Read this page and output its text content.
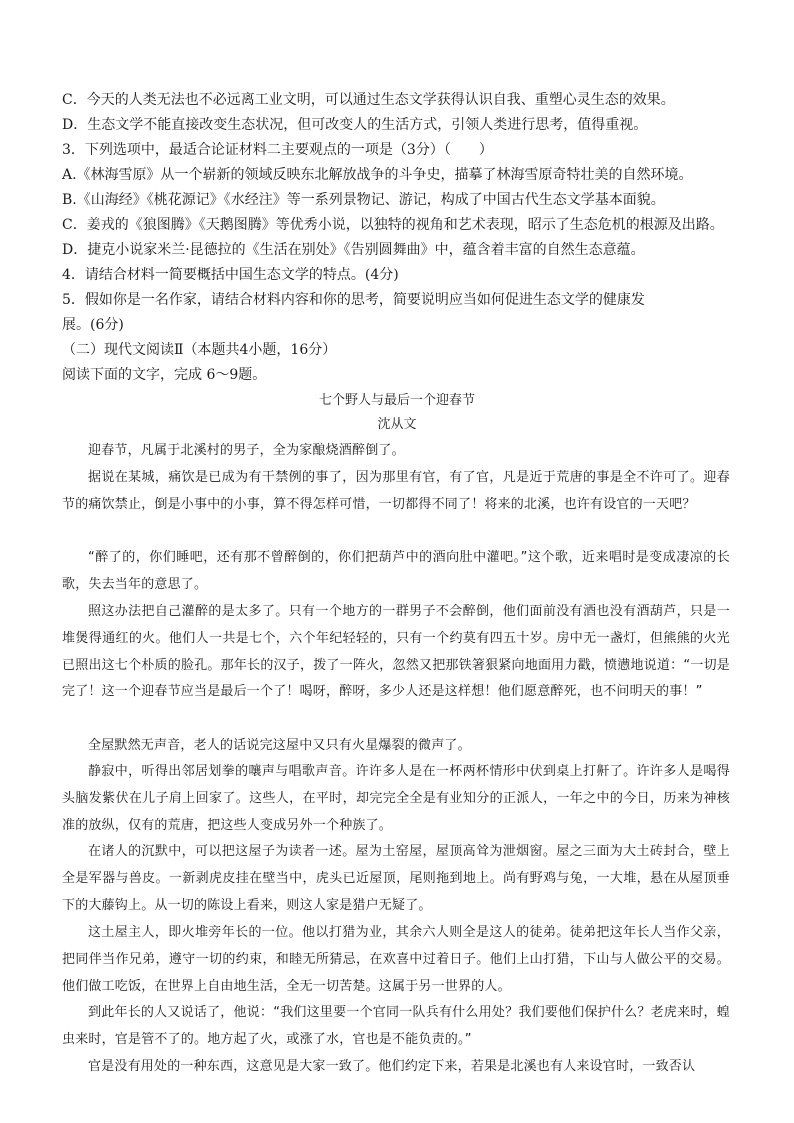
C．今天的人类无法也不必远离工业文明，可以通过生态文学获得认识自我、重塑心灵生态的效果。
D．生态文学不能直接改变生态状况，但可改变人的生活方式，引领人类进行思考，值得重视。
3．下列选项中，最适合论证材料二主要观点的一项是（3分）（　　）
A.《林海雪原》从一个崭新的领域反映东北解放战争的斗争史，描摹了林海雪原奇特壮美的自然环境。
B.《山海经》《桃花源记》《水经注》等一系列景物记、游记，构成了中国古代生态文学基本面貌。
C．姜戎的《狼图腾》《天鹅图腾》等优秀小说，以独特的视角和艺术表现，昭示了生态危机的根源及出路。
D．捷克小说家米兰·昆德拉的《生活在别处》《告别圆舞曲》中，蕴含着丰富的自然生态意蕴。
4．请结合材料一简要概括中国生态文学的特点。(4分)
5．假如你是一名作家，请结合材料内容和你的思考，简要说明应当如何促进生态文学的健康发
展。(6分)
（二）现代文阅读Ⅱ（本题共4小题，16分）
阅读下面的文字，完成 6～9题。
七个野人与最后一个迎春节
沈从文
迎春节，凡属于北溪村的男子，全为家酿烧酒醉倒了。
据说在某城，痛饮是已成为有干禁例的事了，因为那里有官，有了官，凡是近于荒唐的事是全不许可了。迎春节的痛饮禁止，倒是小事中的小事，算不得怎样可惜，一切都得不同了！将来的北溪，也许有设官的一天吧？
“醉了的，你们睡吧，还有那不曾醉倒的，你们把葫芦中的酒向肚中灌吧。”这个歌，近来唱时是变成凄凉的长歌，失去当年的意思了。
照这办法把自己灌醉的是太多了。只有一个地方的一群男子不会醉倒，他们面前没有酒也没有酒葫芦，只是一堆煲得通红的火。他们人一共是七个，六个年纪轻轻的，只有一个约莫有四五十岁。房中无一盏灯，但熊熊的火光已照出这七个朴质的脸孔。那年长的汉子，拨了一阵火，忽然又把那铁箸狠紧向地面用力戳，愤懑地说道：“一切是完了！这一个迎春节应当是最后一个了！喝呀，醉呀，多少人还是这样想！他们愿意醉死，也不问明天的事！”
全屋默然无声音，老人的话说完这屋中又只有火星爆裂的微声了。
静寂中，听得出邻居划拳的嚷声与唱歌声音。许许多人是在一杯两杯情形中伏到桌上打鼾了。许许多人是喝得头脑发紫伏在儿子肩上回家了。这些人，在平时，却完完全全是有业知分的正派人，一年之中的今日，历来为神核准的放纵，仅有的荒唐，把这些人变成另外一个种族了。
在诸人的沉默中，可以把这屋子为读者一述。屋为土窑屋，屋顶高耸为泄烟窗。屋之三面为大土砖封合，壁上全是军器与兽皮。一新剥虎皮挂在壁当中，虎头已近屋顶，尾则拖到地上。尚有野鸡与兔，一大堆，悬在从屋顶垂下的大藤钩上。从一切的陈设上看来，则这人家是猎户无疑了。
这土屋主人，即火堆旁年长的一位。他以打猎为业，其余六人则全是这人的徒弟。徒弟把这年长人当作父亲，把同伴当作兄弟，遵守一切的约束，和睦无所猜忌，在欢喜中过着日子。他们上山打猎，下山与人做公平的交易。他们做工吃饭，在世界上自由地生活，全无一切苦楚。这属于另一世界的人。
到此年长的人又说话了，他说：“我们这里要一个官同一队兵有什么用处？我们要他们保护什么？老虎来时，蝗虫来时，官是管不了的。地方起了火，或涨了水，官也是不能负责的。”
官是没有用处的一种东西，这意见是大家一致了。他们约定下来，若果是北溪也有人来设官时，一致否认
